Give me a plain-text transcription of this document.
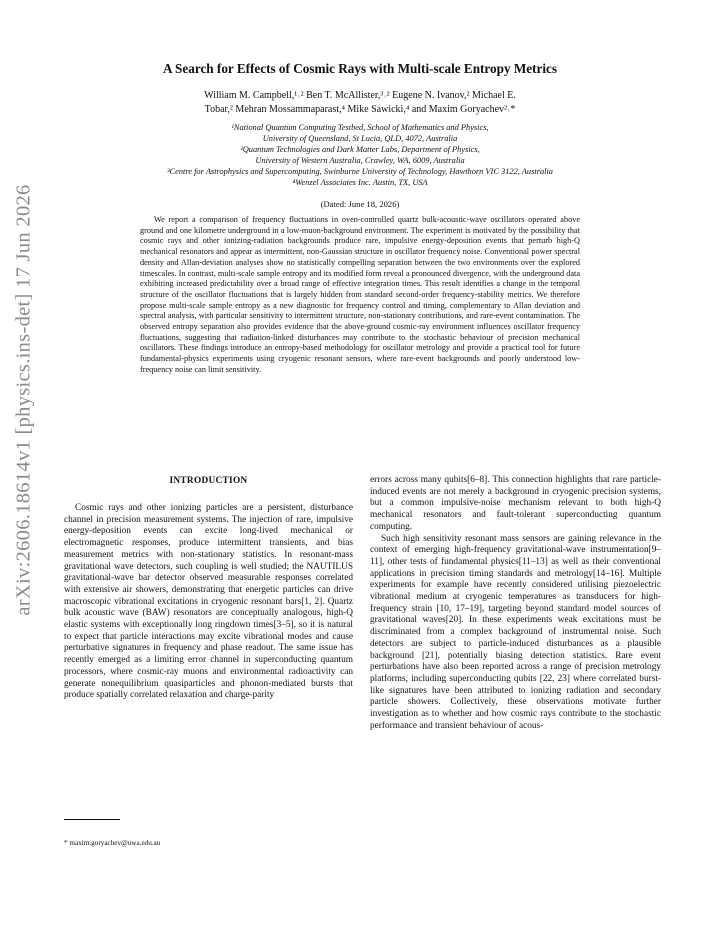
arXiv:2606.18614v1 [physics.ins-det] 17 Jun 2026
A Search for Effects of Cosmic Rays with Multi-scale Entropy Metrics
William M. Campbell,¹˒² Ben T. McAllister,³˒² Eugene N. Ivanov,² Michael E.
Tobar,² Mehran Mossammaparast,⁴ Mike Sawicki,⁴ and Maxim Goryachev²˒*
¹National Quantum Computing Testbed, School of Mathematics and Physics,
University of Queensland, St Lucia, QLD, 4072, Australia
²Quantum Technologies and Dark Matter Labs, Department of Physics,
University of Western Australia, Crawley, WA, 6009, Australia
³Centre for Astrophysics and Supercomputing, Swinburne University of Technology, Hawthorn VIC 3122, Australia
⁴Wenzel Associates Inc. Austin, TX, USA
(Dated: June 18, 2026)
We report a comparison of frequency fluctuations in oven-controlled quartz bulk-acoustic-wave oscillators operated above ground and one kilometre underground in a low-muon-background environment. The experiment is motivated by the possibility that cosmic rays and other ionizing-radiation backgrounds produce rare, impulsive energy-deposition events that perturb high-Q mechanical resonators and appear as intermittent, non-Gaussian structure in oscillator frequency noise. Conventional power spectral density and Allan-deviation analyses show no statistically compelling separation between the two environments over the explored timescales. In contrast, multi-scale sample entropy and its modified form reveal a pronounced divergence, with the underground data exhibiting increased predictability over a broad range of effective integration times. This result identifies a change in the temporal structure of the oscillator fluctuations that is largely hidden from standard second-order frequency-stability metrics. We therefore propose multi-scale sample entropy as a new diagnostic for frequency control and timing, complementary to Allan deviation and spectral analysis, with particular sensitivity to intermittent structure, non-stationary contributions, and rare-event contamination. The observed entropy separation also provides evidence that the above-ground cosmic-ray environment influences oscillator frequency fluctuations, suggesting that radiation-linked disturbances may contribute to the stochastic behaviour of precision mechanical oscillators. These findings introduce an entropy-based methodology for oscillator metrology and provide a practical tool for future fundamental-physics experiments using cryogenic resonant sensors, where rare-event backgrounds and poorly understood low-frequency noise can limit sensitivity.
INTRODUCTION

Cosmic rays and other ionizing particles are a persistent, disturbance channel in precision measurement systems. The injection of rare, impulsive energy-deposition events can excite long-lived mechanical or electromagnetic responses, produce intermittent transients, and bias measurement metrics with non-stationary statistics. In resonant-mass gravitational wave detectors, such coupling is well studied; the NAUTILUS gravitational-wave bar detector observed measurable responses correlated with extensive air showers, demonstrating that energetic particles can drive macroscopic vibrational excitations in cryogenic resonant bars[1, 2]. Quartz bulk acoustic wave (BAW) resonators are conceptually analogous, high-Q elastic systems with exceptionally long ringdown times[3–5], so it is natural to expect that particle interactions may excite vibrational modes and cause perturbative signatures in frequency and phase readout. The same issue has recently emerged as a limiting error channel in superconducting quantum processors, where cosmic-ray muons and environmental radioactivity can generate nonequilibrium quasiparticles and phonon-mediated bursts that produce spatially correlated relaxation and charge-parity

errors across many qubits[6–8]. This connection highlights that rare particle-induced events are not merely a background in cryogenic precision systems, but a common impulsive-noise mechanism relevant to both high-Q mechanical resonators and fault-tolerant superconducting quantum computing.

Such high sensitivity resonant mass sensors are gaining relevance in the context of emerging high-frequency gravitational-wave instrumentation[9–11], other tests of fundamental physics[11–13] as well as their conventional applications in precision timing standards and metrology[14–16]. Multiple experiments for example have recently considered utilising piezoelectric vibrational medium at cryogenic temperatures as transducers for high-frequency strain [10, 17–19], targeting beyond standard model sources of gravitational waves[20]. In these experiments weak excitations must be discriminated from a complex background of instrumental noise. Such detectors are subject to particle-induced disturbances as a plausible background [21], potentially biasing detection statistics. Rare event perturbations have also been reported across a range of precision metrology platforms, including superconducting qubits [22, 23] where correlated burst-like signatures have been attributed to ionizing radiation and secondary particle showers. Collectively, these observations motivate further investigation as to whether and how cosmic rays contribute to the stochastic performance and transient behaviour of acous-

* maxim.goryachev@uwa.edu.au
